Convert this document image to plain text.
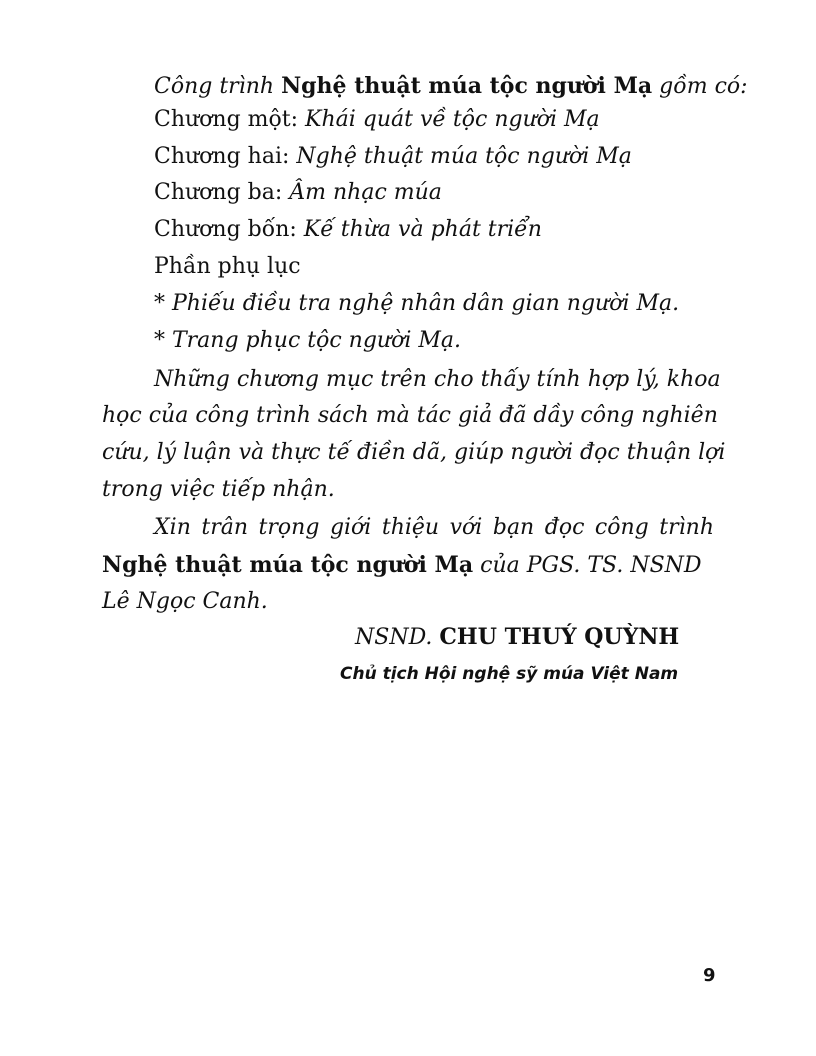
Công trình Nghệ thuật múa tộc người Mạ gồm có:
Chương một: Khái quát về tộc người Mạ
Chương hai: Nghệ thuật múa tộc người Mạ
Chương ba: Âm nhạc múa
Chương bốn: Kế thừa và phát triển
Phần phụ lục
* Phiếu điều tra nghệ nhân dân gian người Mạ.
* Trang phục tộc người Mạ.
Những chương mục trên cho thấy tính hợp lý, khoa
học của công trình sách mà tác giả đã dầy công nghiên
cứu, lý luận và thực tế điền dã, giúp người đọc thuận lợi
trong việc tiếp nhận.
Xin trân trọng giới thiệu với bạn đọc công trình
Nghệ thuật múa tộc người Mạ của PGS. TS. NSND
Lê Ngọc Canh.
NSND. CHU THUÝ QUỲNH
Chủ tịch Hội nghệ sỹ múa Việt Nam
9
